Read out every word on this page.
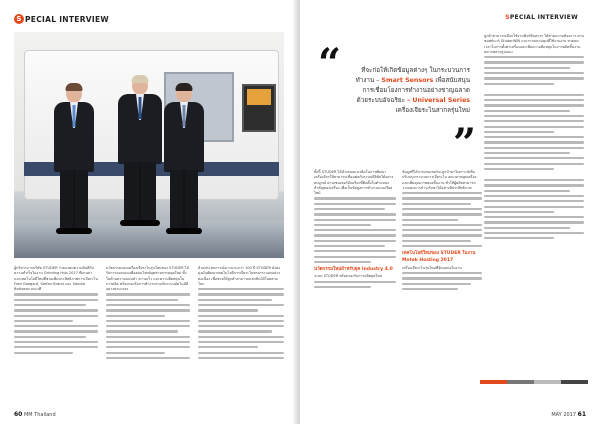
S PECIAL INTERVIEW

ผู้บริหารจากบริษัท STUDER ร่วมแสดงความยินดีกับความสำเร็จในงาน Grinding Hub 2017 ที่ผ่านมา และเทคโนโลยีใหม่ที่ช่วยเพิ่มประสิทธิภาพการเจียระไน Fred Gaegauf, Stefan Brand และ Sandro Bottazzo บนเวที

นวัตกรรมของเครื่องเจียระไนรุ่นใหม่ของ STUDER ได้รับการออกแบบเพื่อตอบโจทย์อุตสาหกรรมยุคใหม่ ทั้งในด้านความแม่นยำ ความเร็ว และความยืดหยุ่นในการผลิต พร้อมรองรับการทำงานร่วมกับระบบอัตโนมัติอย่างครบวงจร

ด้วยประสบการณ์ยาวนานกว่า 100 ปี STUDER ยังคงมุ่งมั่นพัฒนาเทคโนโลยีการเจียระไนทรงกระบอกอย่างต่อเนื่อง เพื่อช่วยให้ลูกค้าสามารถแข่งขันได้ในตลาดโลก

60 MM Thailand
S PECIAL INTERVIEW

ลูกค้าสามารถเลือกใช้งานฟังก์ชันต่างๆ ได้ตามความต้องการ ผ่านซอฟต์แวร์ StuderWIN และระบบควบคุมที่ใช้งานง่าย ช่วยลดเวลาในการตั้งค่าเครื่องและเพิ่มความยืดหยุ่นในการผลิตชิ้นงานหลากหลายรูปแบบ

ทั้งนี้ STUDER ได้นำเสนอแนวคิดในการพัฒนาเครื่องจักรให้สามารถเชื่อมต่อกับระบบดิจิทัลได้อย่างสมบูรณ์ ผ่านเซนเซอร์อัจฉริยะที่ติดตั้งในตำแหน่งสำคัญของเครื่อง เพื่อเก็บข้อมูลการทำงานแบบเรียลไทม์

นวัตกรรมใหม่สำหรับยุค Industry 4.0

ระบบ STUDER พร้อมรองรับการผลิตยุคใหม่

ข้อมูลที่ได้จากเซนเซอร์จะถูกนำมาวิเคราะห์เพื่อปรับปรุงกระบวนการเจียระไน ลดเวลาหยุดเครื่อง และเพิ่มคุณภาพของชิ้นงาน ทำให้ผู้ผลิตสามารถวางแผนการบำรุงรักษาได้อย่างมีประสิทธิภาพ

เทคโนโลยีใหม่ของ STUDER ในงาน
Motek Hosting 2017

เครื่องเจียระไนรุ่นใหม่ที่จัดแสดงในงาน

MAY 2017 61
“	ที่จะก่อให้เกิดข้อมูลต่างๆ ในกระบวนการทำงาน – Smart Sensors เพื่อสนับสนุนการเชื่อมโยงการทำงานอย่างชาญฉลาด ด้วยระบบอัจฉริยะ – Universal Series เครื่องเจียระไนสากลรุ่นใหม่
”
